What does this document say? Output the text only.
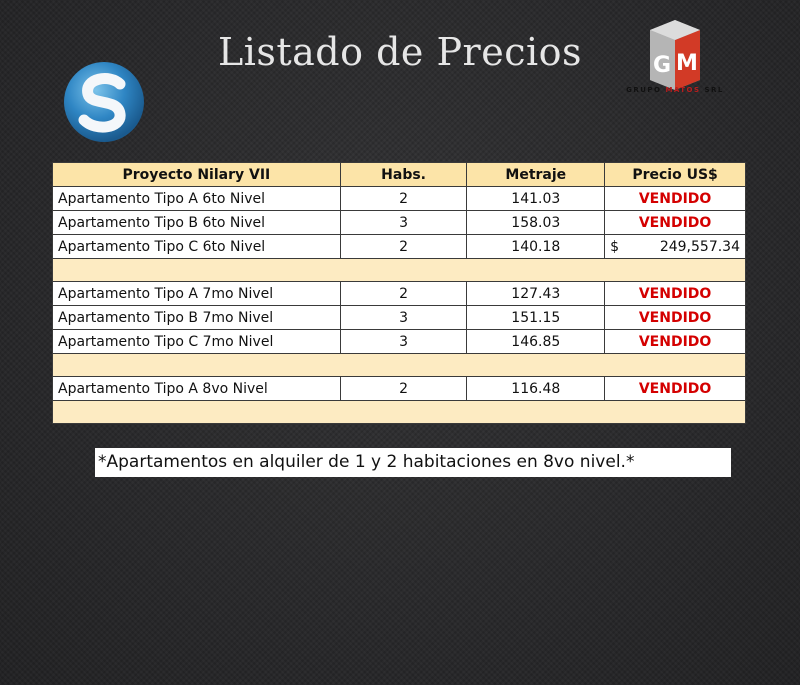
Listado de Precios	G M
GRUPO MATOS SRL
Proyecto Nilary VII	Habs.	Metraje	Precio US$
Apartamento Tipo A 6to Nivel	2	141.03	VENDIDO
Apartamento Tipo B 6to Nivel	3	158.03	VENDIDO
Apartamento Tipo C 6to Nivel	2	140.18	$ 249,557.34

Apartamento Tipo A 7mo Nivel	2	127.43	VENDIDO
Apartamento Tipo B 7mo Nivel	3	151.15	VENDIDO
Apartamento Tipo C 7mo Nivel	3	146.85	VENDIDO

Apartamento Tipo A 8vo Nivel	2	116.48	VENDIDO

*Apartamentos en alquiler de 1 y 2 habitaciones en 8vo nivel.*
